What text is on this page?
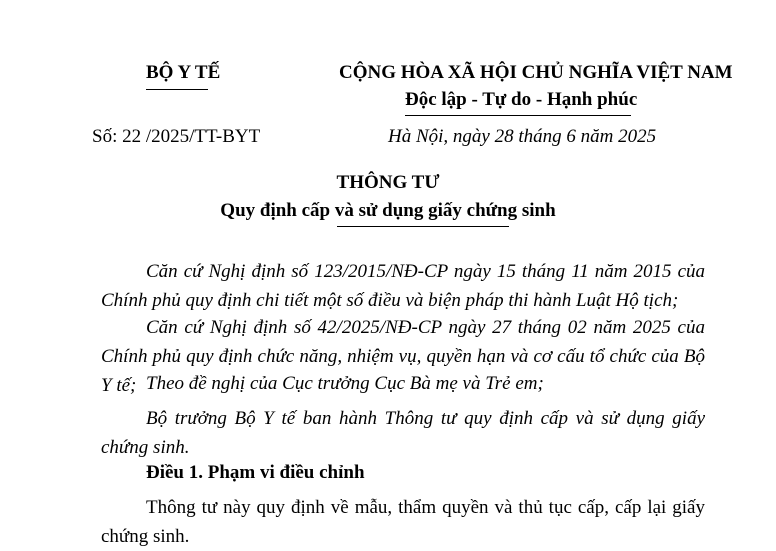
BỘ Y TẾ	CỘNG HÒA XÃ HỘI CHỦ NGHĨA VIỆT NAM
Độc lập - Tự do - Hạnh phúc
Số: 22 /2025/TT-BYT	Hà Nội, ngày 28 tháng 6 năm 2025
THÔNG TƯ
Quy định cấp và sử dụng giấy chứng sinh

Căn cứ Nghị định số 123/2015/NĐ-CP ngày 15 tháng 11 năm 2015 của Chính phủ quy định chi tiết một số điều và biện pháp thi hành Luật Hộ tịch;

Căn cứ Nghị định số 42/2025/NĐ-CP ngày 27 tháng 02 năm 2025 của Chính phủ quy định chức năng, nhiệm vụ, quyền hạn và cơ cấu tổ chức của Bộ Y tế; Theo đề nghị của Cục trưởng Cục Bà mẹ và Trẻ em;

Bộ trưởng Bộ Y tế ban hành Thông tư quy định cấp và sử dụng giấy chứng sinh.

Điều 1. Phạm vi điều chỉnh

Thông tư này quy định về mẫu, thẩm quyền và thủ tục cấp, cấp lại giấy chứng sinh.
